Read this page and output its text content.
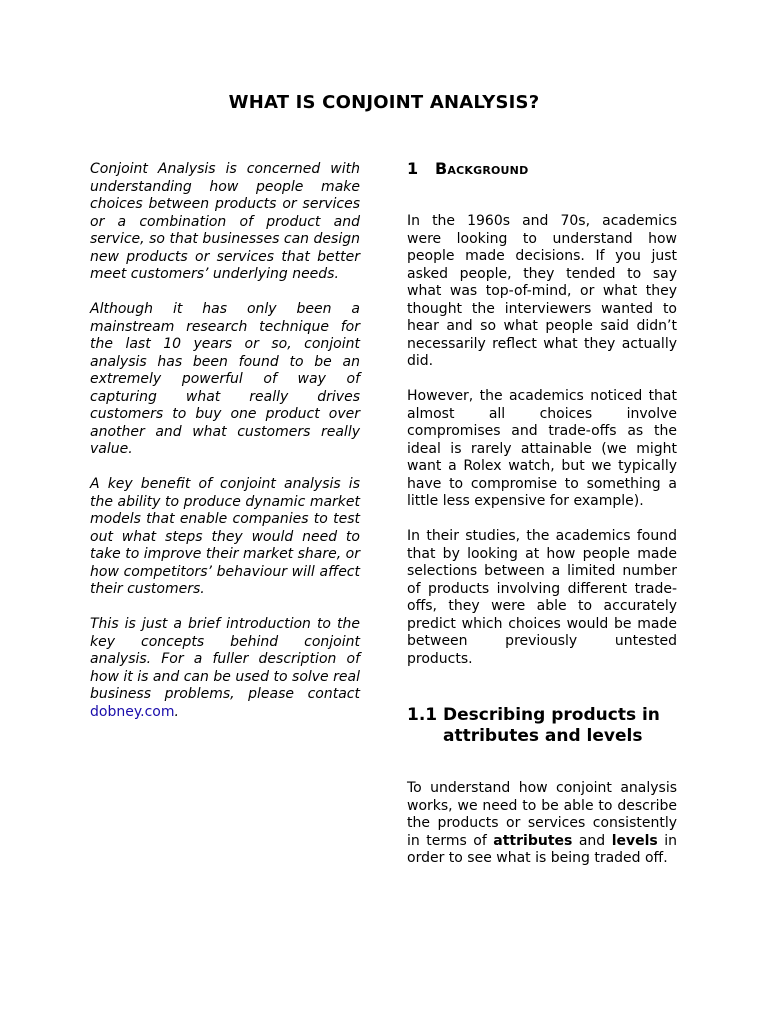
WHAT IS CONJOINT ANALYSIS?

Conjoint Analysis is concerned with understanding how people make choices between products or services or a combination of product and service, so that businesses can design new products or services that better meet customers’ underlying needs.

Although it has only been a mainstream research technique for the last 10 years or so, conjoint analysis has been found to be an extremely powerful of way of capturing what really drives customers to buy one product over another and what customers really value.

A key benefit of conjoint analysis is the ability to produce dynamic market models that enable companies to test out what steps they would need to take to improve their market share, or how competitors’ behaviour will affect their customers.

This is just a brief introduction to the key concepts behind conjoint analysis. For a fuller description of how it is and can be used to solve real business problems, please contact dobney.com.

1	Background

In the 1960s and 70s, academics were looking to understand how people made decisions. If you just asked people, they tended to say what was top-of-mind, or what they thought the interviewers wanted to hear and so what people said didn’t necessarily reflect what they actually did.

However, the academics noticed that almost all choices involve compromises and trade-offs as the ideal is rarely attainable (we might want a Rolex watch, but we typically have to compromise to something a little less expensive for example).

In their studies, the academics found that by looking at how people made selections between a limited number of products involving different trade-offs, they were able to accurately predict which choices would be made between previously untested products.

1.1 Describing products in attributes and levels

To understand how conjoint analysis works, we need to be able to describe the products or services consistently in terms of attributes and levels in order to see what is being traded off.
